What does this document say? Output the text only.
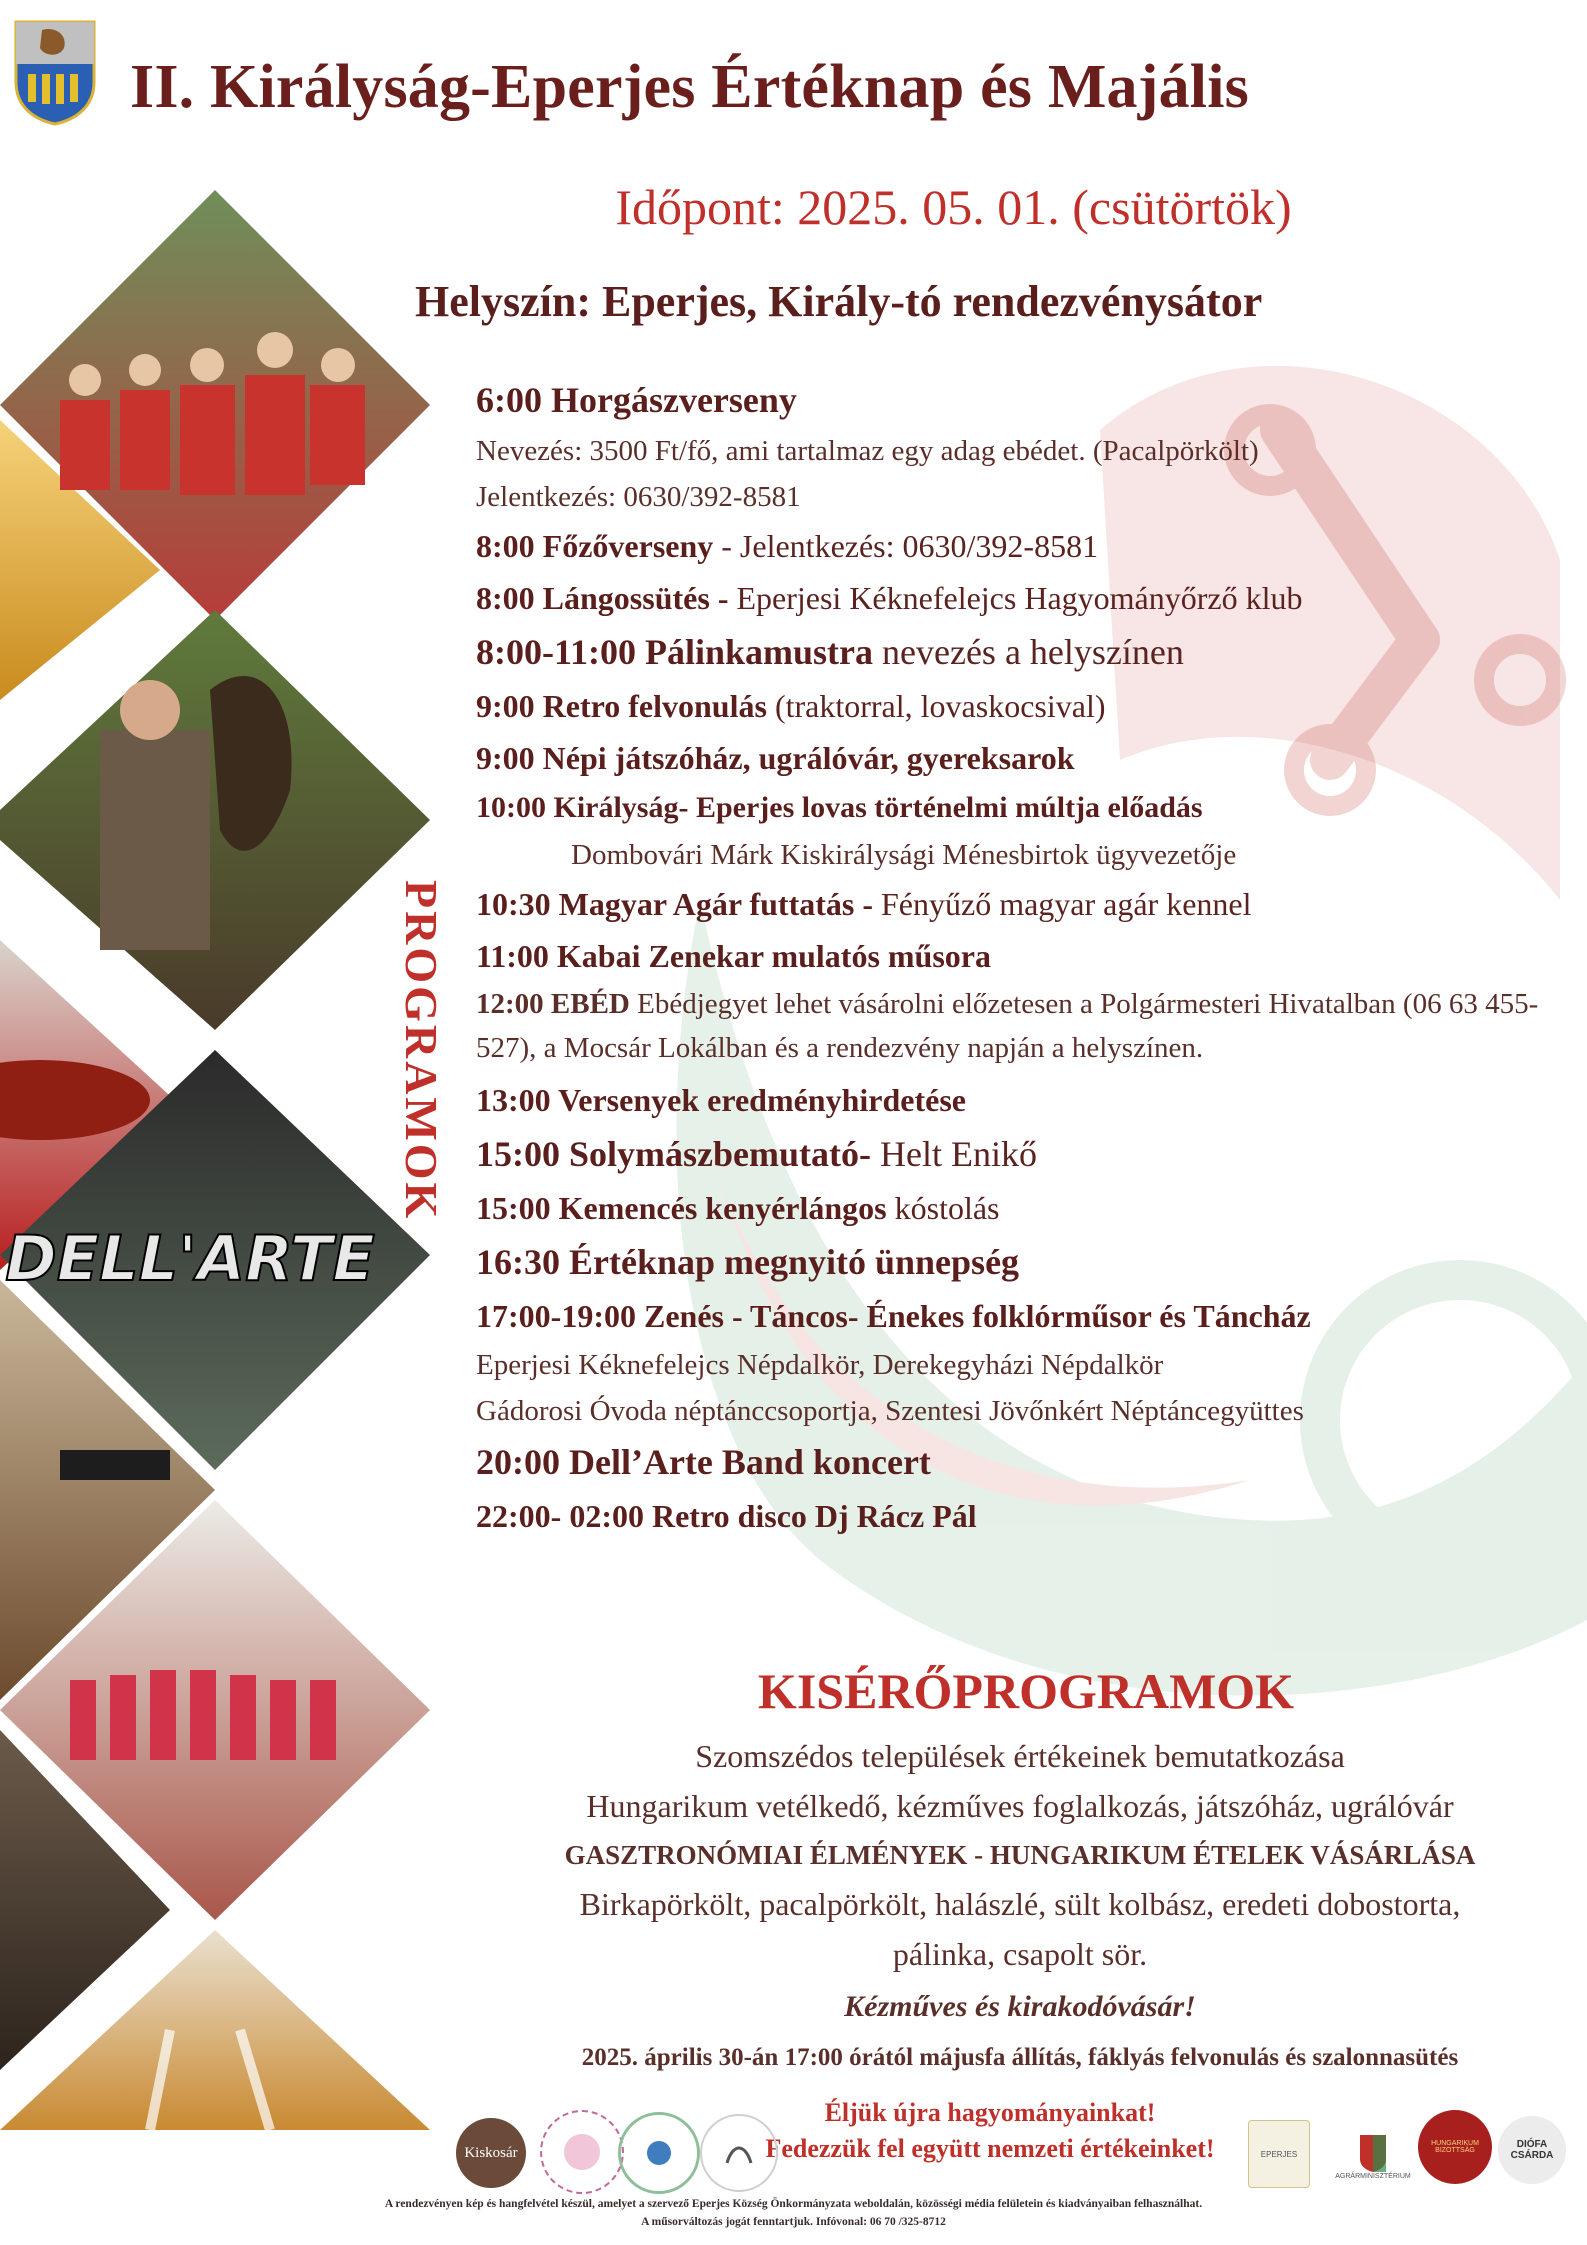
DELL'ARTE
II. Királyság-Eperjes Értéknap és Majális
Időpont: 2025. 05. 01. (csütörtök)
Helyszín: Eperjes, Király-tó rendezvénysátor
PROGRAMOK
6:00 Horgászverseny
Nevezés: 3500 Ft/fő, ami tartalmaz egy adag ebédet. (Pacalpörkölt)
Jelentkezés: 0630/392-8581
8:00 Főzőverseny - Jelentkezés: 0630/392-8581
8:00 Lángossütés - Eperjesi Kéknefelejcs Hagyományőrző klub
8:00-11:00 Pálinkamustra nevezés a helyszínen
9:00 Retro felvonulás (traktorral, lovaskocsival)
9:00 Népi játszóház, ugrálóvár, gyereksarok
10:00 Királyság- Eperjes lovas történelmi múltja előadás
Dombovári Márk Kiskirálysági Ménesbirtok ügyvezetője
10:30 Magyar Agár futtatás - Fényűző magyar agár kennel
11:00 Kabai Zenekar mulatós műsora
12:00 EBÉD Ebédjegyet lehet vásárolni előzetesen a Polgármesteri Hivatalban (06 63 455-527), a Mocsár Lokálban és a rendezvény napján a helyszínen.
13:00 Versenyek eredményhirdetése
15:00 Solymászbemutató- Helt Enikő
15:00 Kemencés kenyérlángos kóstolás
16:30 Értéknap megnyitó ünnepség
17:00-19:00 Zenés - Táncos- Énekes folklórműsor és Táncház
Eperjesi Kéknefelejcs Népdalkör, Derekegyházi Népdalkör
Gádorosi Óvoda néptánccsoportja, Szentesi Jövőnkért Néptáncegyüttes
20:00 Dell’Arte Band koncert
22:00- 02:00 Retro disco Dj Rácz Pál
KISÉRŐPROGRAMOK
Szomszédos települések értékeinek bemutatkozása
Hungarikum vetélkedő, kézműves foglalkozás, játszóház, ugrálóvár
GASZTRONÓMIAI ÉLMÉNYEK - HUNGARIKUM ÉTELEK VÁSÁRLÁSA
Birkapörkölt, pacalpörkölt, halászlé, sült kolbász, eredeti dobostorta,
pálinka, csapolt sör.
Kézműves és kirakodóvásár!
2025. április 30-án 17:00 órától májusfa állítás, fáklyás felvonulás és szalonnasütés
Éljük újra hagyományainkat!
Fedezzük fel együtt nemzeti értékeinket!
Kiskosár	EPERJES
AGRÁRMINISZTÉRIUM
HUNGARIKUM BIZOTTSÁG
DIÓFA CSÁRDA
A rendezvényen kép és hangfelvétel készül, amelyet a szervező Eperjes Község Önkormányzata weboldalán, közösségi média felületein és kiadványaiban felhasználhat.
A műsorváltozás jogát fenntartjuk. Infóvonal: 06 70 /325-8712
